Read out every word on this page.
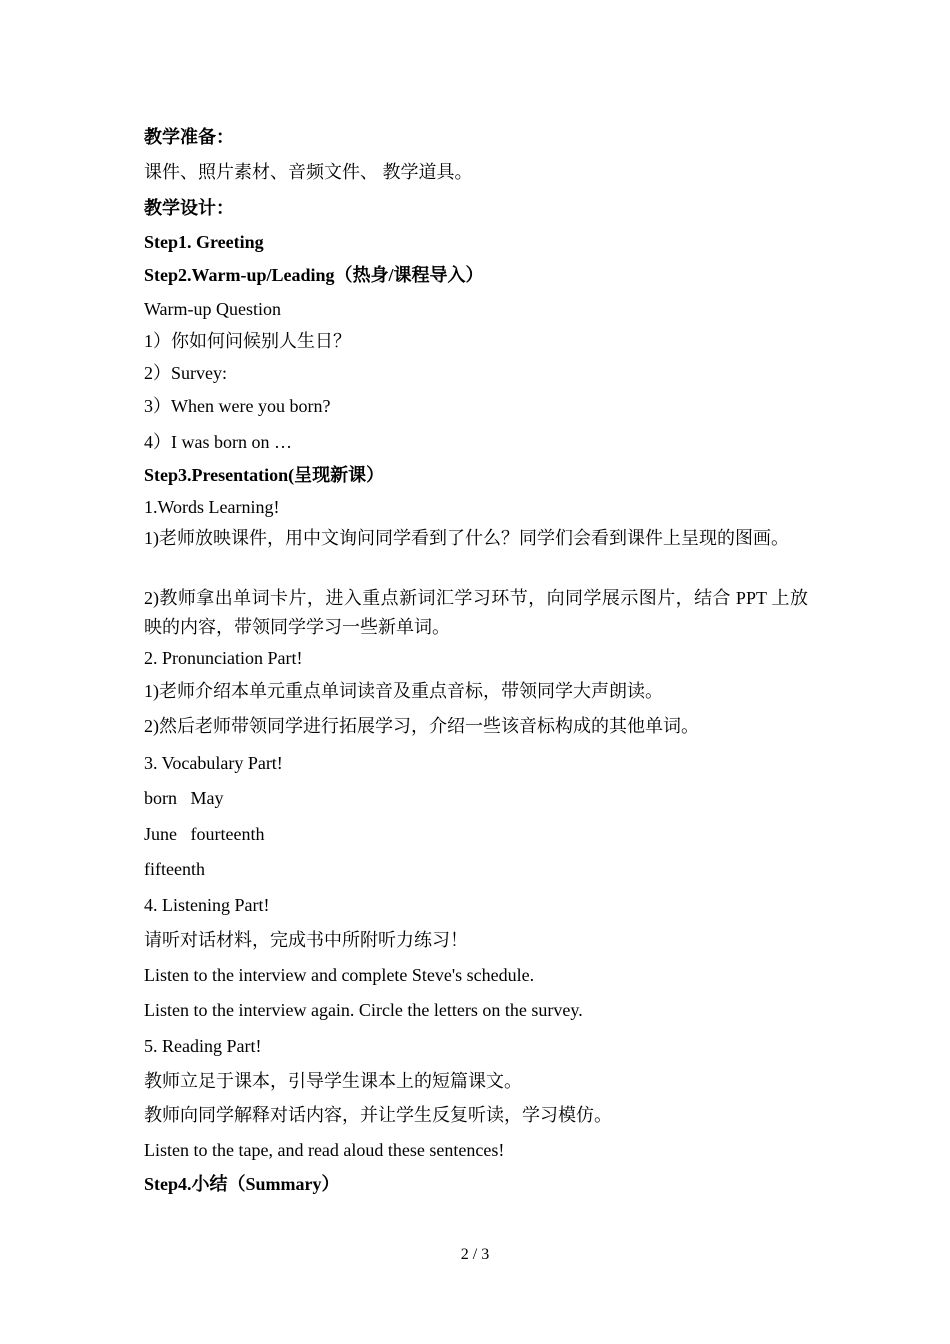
教学准备：
课件、照片素材、音频文件、 教学道具。
教学设计：
Step1. Greeting
Step2.Warm-up/Leading（热身/课程导入）
Warm-up Question
1）你如何问候别人生日？
2）Survey:
3）When were you born?
4）I was born on …
Step3.Presentation(呈现新课）
1.Words Learning!
1)老师放映课件，用中文询问同学看到了什么？同学们会看到课件上呈现的图画。
2)教师拿出单词卡片，进入重点新词汇学习环节，向同学展示图片，结合 PPT 上放映的内容，带领同学学习一些新单词。
2. Pronunciation Part!
1)老师介绍本单元重点单词读音及重点音标，带领同学大声朗读。
2)然后老师带领同学进行拓展学习，介绍一些该音标构成的其他单词。
3. Vocabulary Part!
born   May
June   fourteenth
fifteenth
4. Listening Part!
请听对话材料，完成书中所附听力练习！
Listen to the interview and complete Steve's schedule.
Listen to the interview again. Circle the letters on the survey.
5. Reading Part!
教师立足于课本，引导学生课本上的短篇课文。
教师向同学解释对话内容，并让学生反复听读，学习模仿。
Listen to the tape, and read aloud these sentences!
Step4.小结（Summary）
2 / 3
